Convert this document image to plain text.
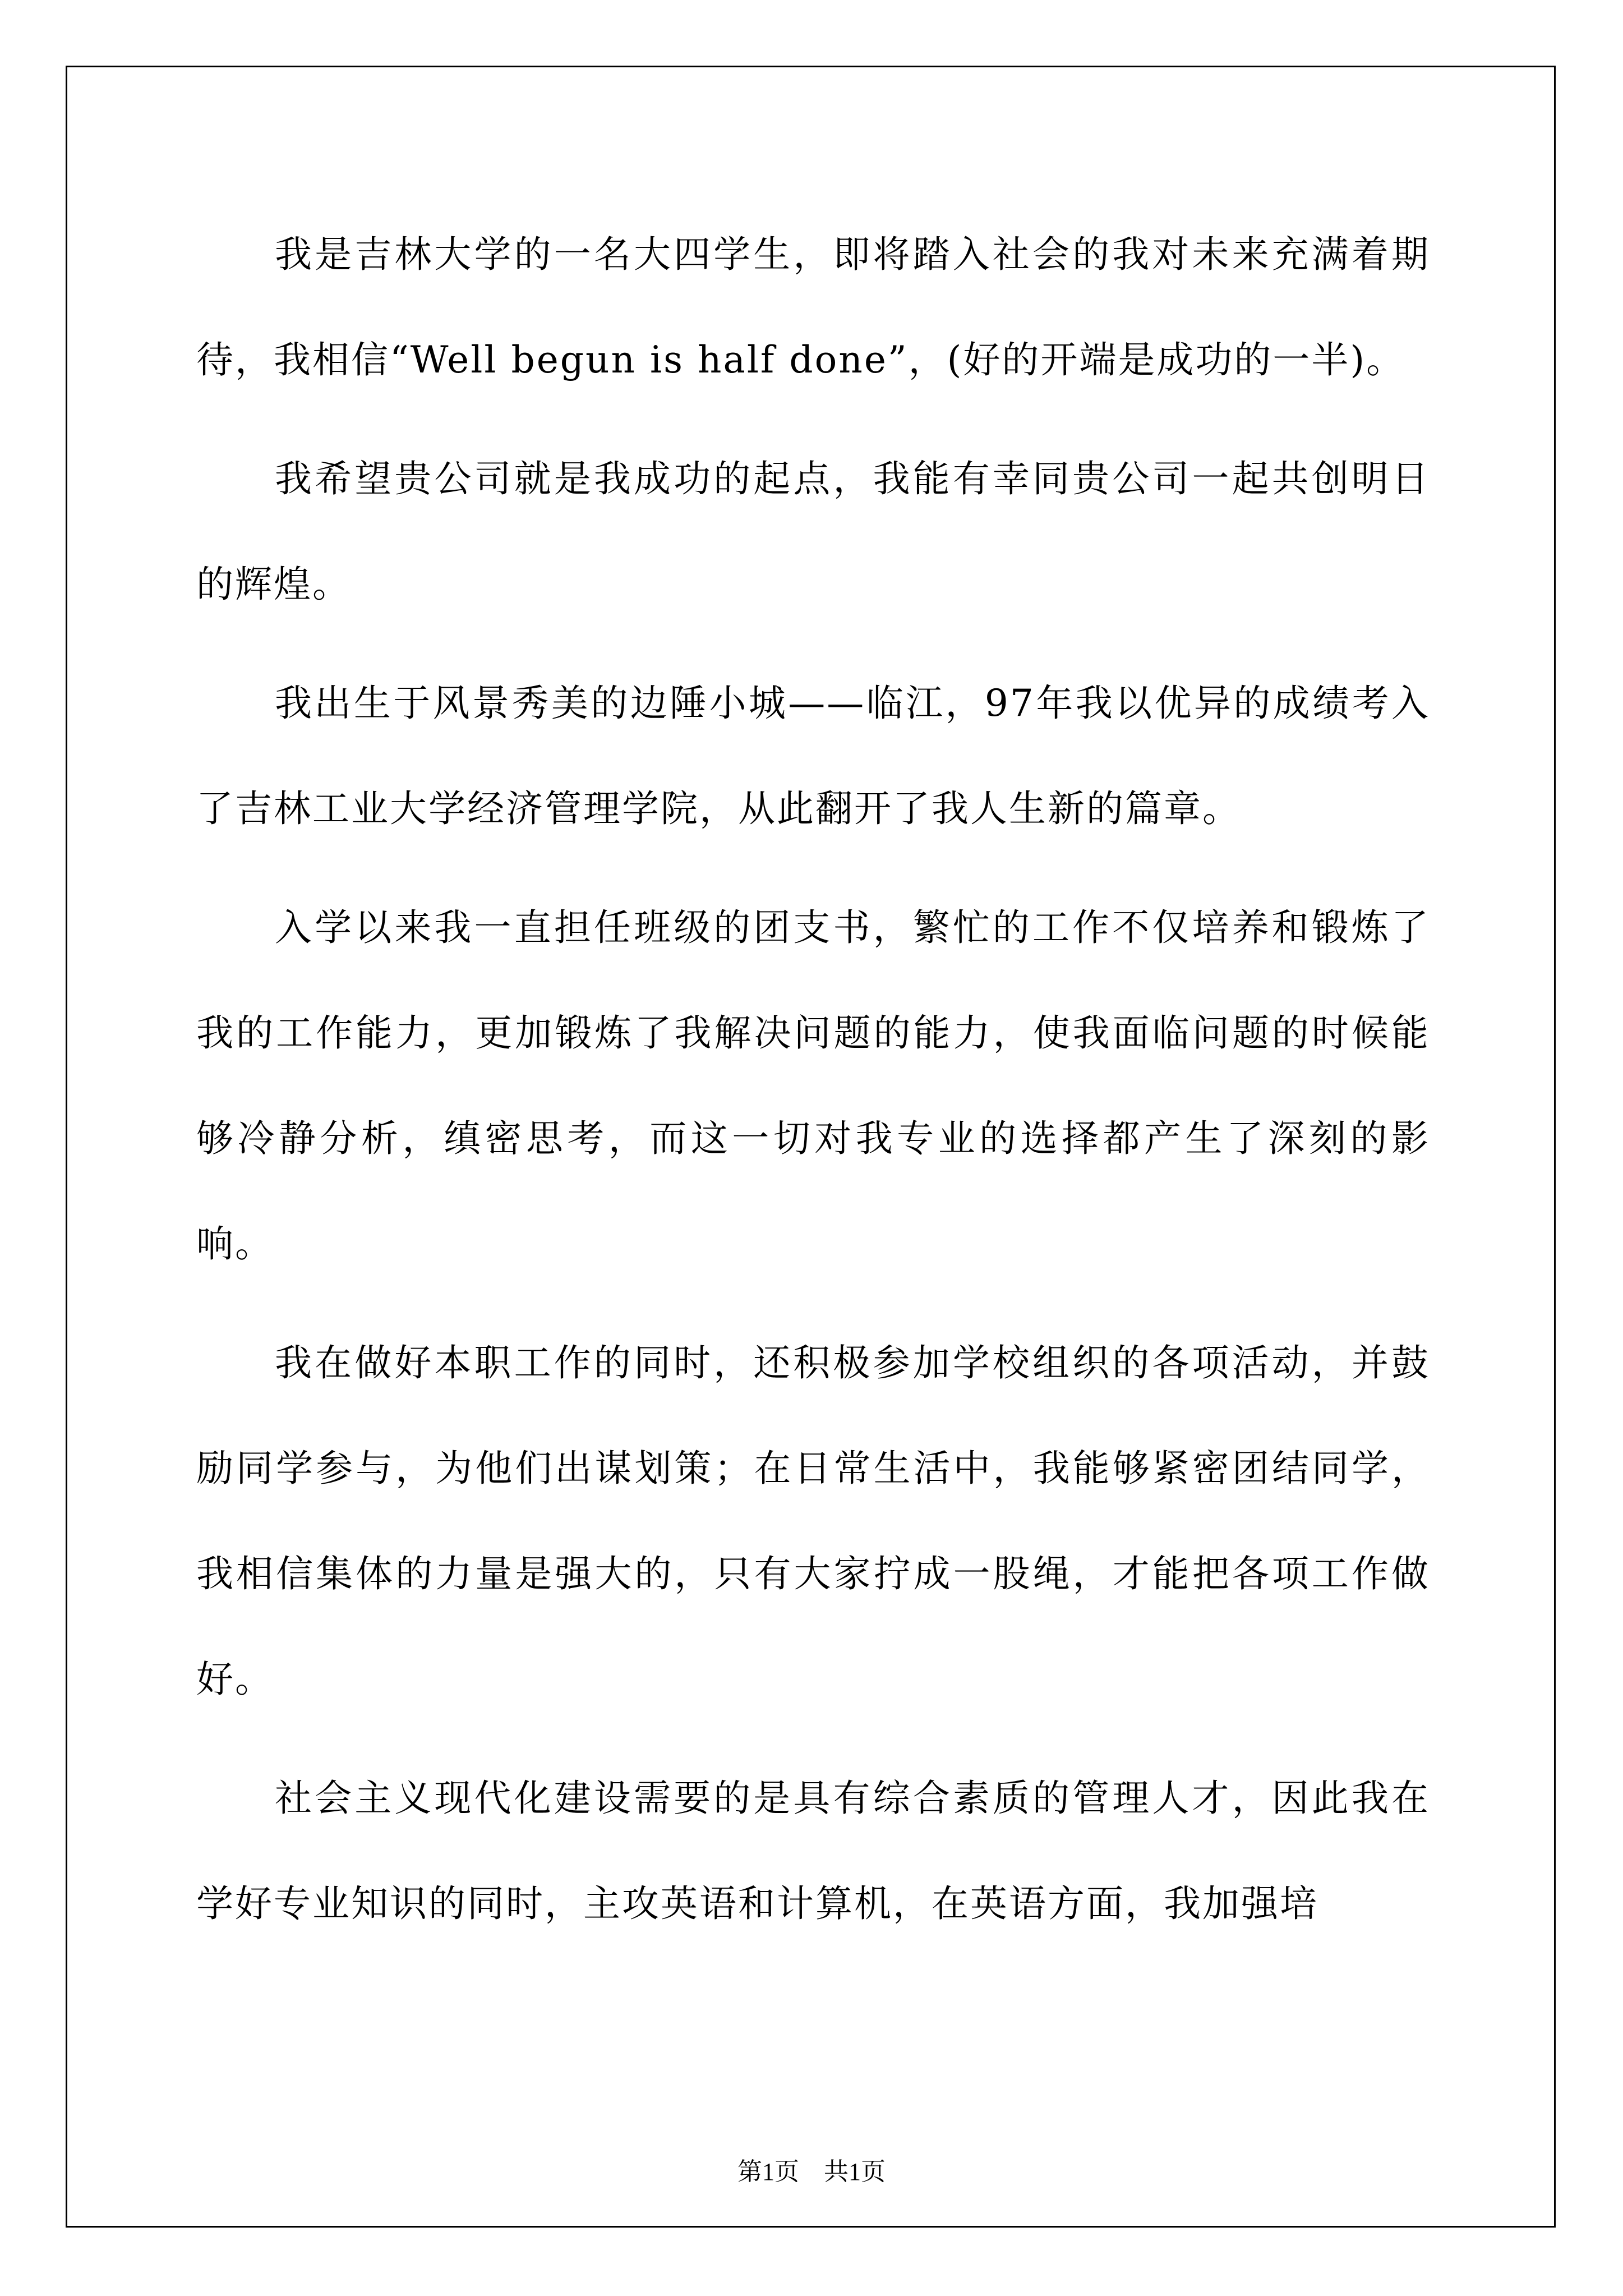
我是吉林大学的一名大四学生，即将踏入社会的我对未来充满着期待，我相信“Well begun is half done”，(好的开端是成功的一半)。

我希望贵公司就是我成功的起点，我能有幸同贵公司一起共创明日的辉煌。

我出生于风景秀美的边陲小城——临江，97年我以优异的成绩考入了吉林工业大学经济管理学院，从此翻开了我人生新的篇章。

入学以来我一直担任班级的团支书，繁忙的工作不仅培养和锻炼了我的工作能力，更加锻炼了我解决问题的能力，使我面临问题的时候能够冷静分析，缜密思考，而这一切对我专业的选择都产生了深刻的影响。

我在做好本职工作的同时，还积极参加学校组织的各项活动，并鼓励同学参与，为他们出谋划策；在日常生活中，我能够紧密团结同学，我相信集体的力量是强大的，只有大家拧成一股绳，才能把各项工作做好。

社会主义现代化建设需要的是具有综合素质的管理人才，因此我在学好专业知识的同时，主攻英语和计算机，在英语方面，我加强培

第1页 共1页
